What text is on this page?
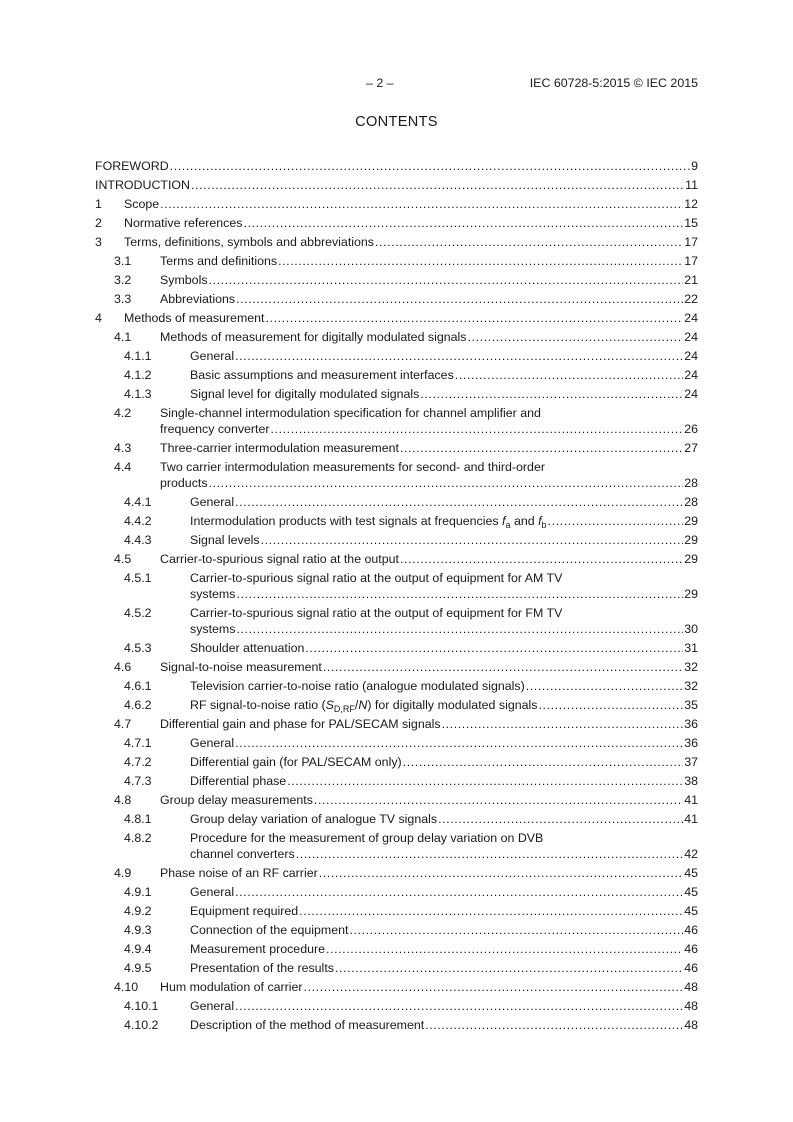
– 2 –	IEC 60728-5:2015 © IEC 2015
CONTENTS
FOREWORD .....	9
INTRODUCTION .....	11
1 Scope .....	12
2 Normative references .....	15
3 Terms, definitions, symbols and abbreviations .....	17
3.1 Terms and definitions .....	17
3.2 Symbols .....	21
3.3 Abbreviations .....	22
4 Methods of measurement .....	24
4.1 Methods of measurement for digitally modulated signals .....	24
4.1.1	General .....	24
4.1.2	Basic assumptions and measurement interfaces .....	24
4.1.3	Signal level for digitally modulated signals .....	24
4.2 Single-channel intermodulation specification for channel amplifier and
frequency converter .....	26
4.3 Three-carrier intermodulation measurement .....	27
4.4 Two carrier intermodulation measurements for second- and third-order
products .....	28
4.4.1	General .....	28
4.4.2	Intermodulation products with test signals at frequencies $f_a$ and $f_b$ .....	29
4.4.3	Signal levels .....	29
4.5 Carrier-to-spurious signal ratio at the output .....	29
4.5.1	Carrier-to-spurious signal ratio at the output of equipment for AM TV
systems .....	29
4.5.2	Carrier-to-spurious signal ratio at the output of equipment for FM TV
systems .....	30
4.5.3	Shoulder attenuation .....	31
4.6 Signal-to-noise measurement .....	32
4.6.1	Television carrier-to-noise ratio (analogue modulated signals) .....	32
4.6.2	RF signal-to-noise ratio $(S_{D,RF}/N)$ for digitally modulated signals .....	35
4.7 Differential gain and phase for PAL/SECAM signals .....	36
4.7.1	General .....	36
4.7.2	Differential gain (for PAL/SECAM only) .....	37
4.7.3	Differential phase .....	38
4.8 Group delay measurements .....	41
4.8.1	Group delay variation of analogue TV signals .....	41
4.8.2	Procedure for the measurement of group delay variation on DVB
channel converters .....	42
4.9 Phase noise of an RF carrier .....	45
4.9.1	General .....	45
4.9.2	Equipment required .....	45
4.9.3	Connection of the equipment .....	46
4.9.4	Measurement procedure .....	46
4.9.5	Presentation of the results .....	46
4.10 Hum modulation of carrier .....	48
4.10.1	General .....	48
4.10.2	Description of the method of measurement .....	48
